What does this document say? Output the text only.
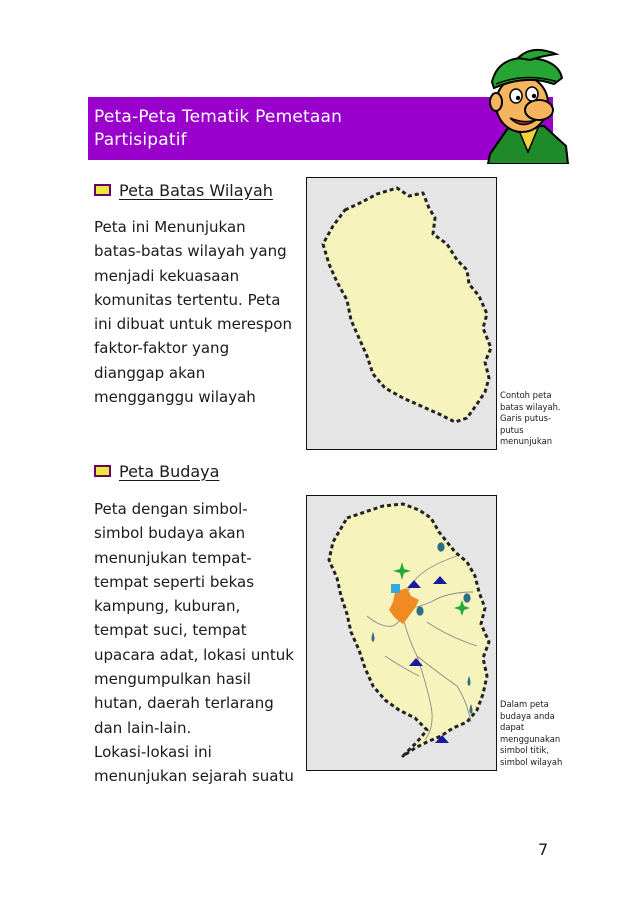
Peta-Peta Tematik Pemetaan Partisipatif
Peta Batas Wilayah
Peta ini Menunjukan
batas-batas wilayah yang
menjadi kekuasaan
komunitas tertentu. Peta
ini dibuat untuk merespon
faktor-faktor yang
dianggap akan
mengganggu wilayah	Contoh peta
batas wilayah.
Garis putus-
putus
menunjukan
Peta Budaya
Peta dengan simbol-
simbol budaya akan
menunjukan tempat-
tempat seperti bekas
kampung, kuburan,
tempat suci, tempat
upacara adat, lokasi untuk
mengumpulkan hasil
hutan, daerah terlarang
dan lain-lain.
Lokasi-lokasi ini
menunjukan sejarah suatu
Dalam peta
budaya anda
dapat
menggunakan
simbol titik,
simbol wilayah
7
